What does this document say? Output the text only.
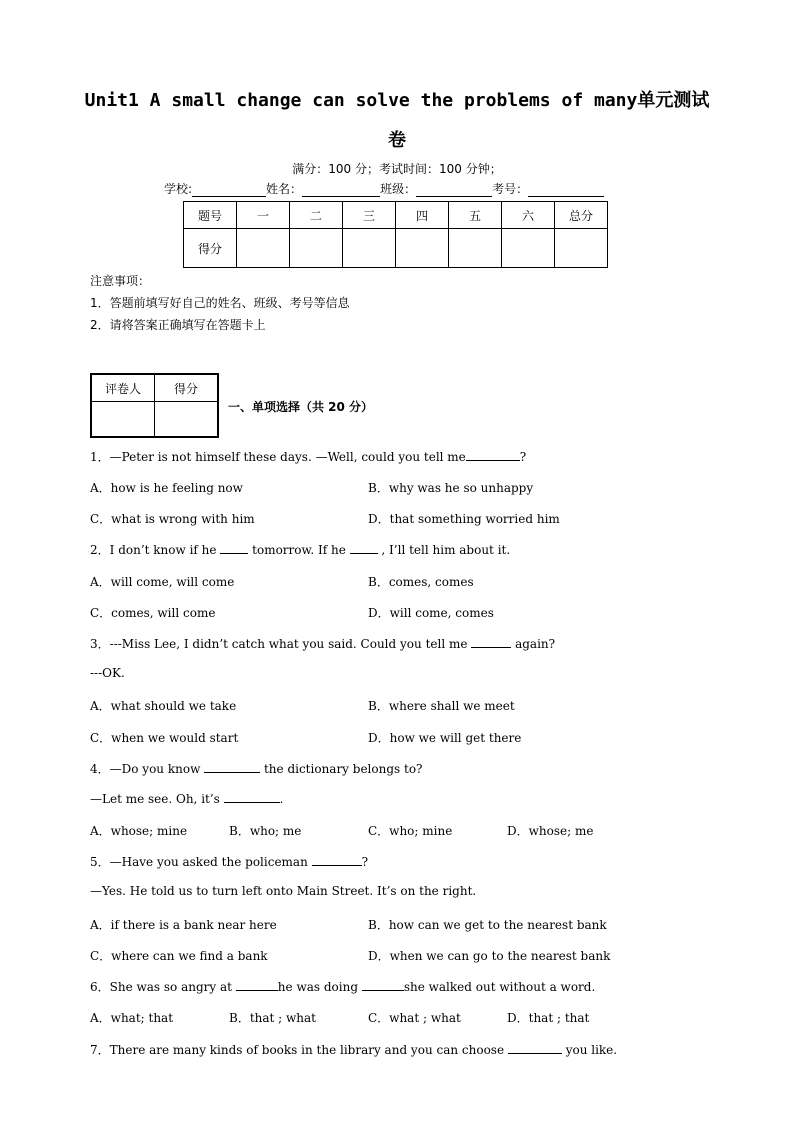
Unit1 A small change can solve the problems of many单元测试
卷
满分：100 分；考试时间：100 分钟；
学校:	姓名：	班级：	考号：
题号	一	二	三	四	五	六	总分
得分							
注意事项：
1．答题前填写好自己的姓名、班级、考号等信息
2．请将答案正确填写在答题卡上
评卷人	得分

一、单项选择（共 20 分）
1．—Peter is not himself these days. —Well, could you tell me	?
A．how is he feeling now	B．why was he so unhappy
C．what is wrong with him	D．that something worried him
2．I don’t know if he  tomorrow. If he  , I’ll tell him about it.
A．will come, will come	B．comes, comes
C．comes, will come	D．will come, comes
3．---Miss Lee, I didn’t catch what you said. Could you tell me	again?
---OK.
A．what should we take	B．where shall we meet
C．when we would start	D．how we will get there
4．—Do you know	the dictionary belongs to?
—Let me see. Oh, it’s	.
A．whose; mine	B．who; me	C．who; mine	D．whose; me
5．—Have you asked the policeman	?
—Yes. He told us to turn left onto Main Street. It’s on the right.
A．if there is a bank near here	B．how can we get to the nearest bank
C．where can we find a bank	D．when we can go to the nearest bank
6．She was so angry at	he was doing	she walked out without a word.
A．what; that	B．that ; what	C．what ; what	D．that ; that
7．There are many kinds of books in the library and you can choose	you like.
